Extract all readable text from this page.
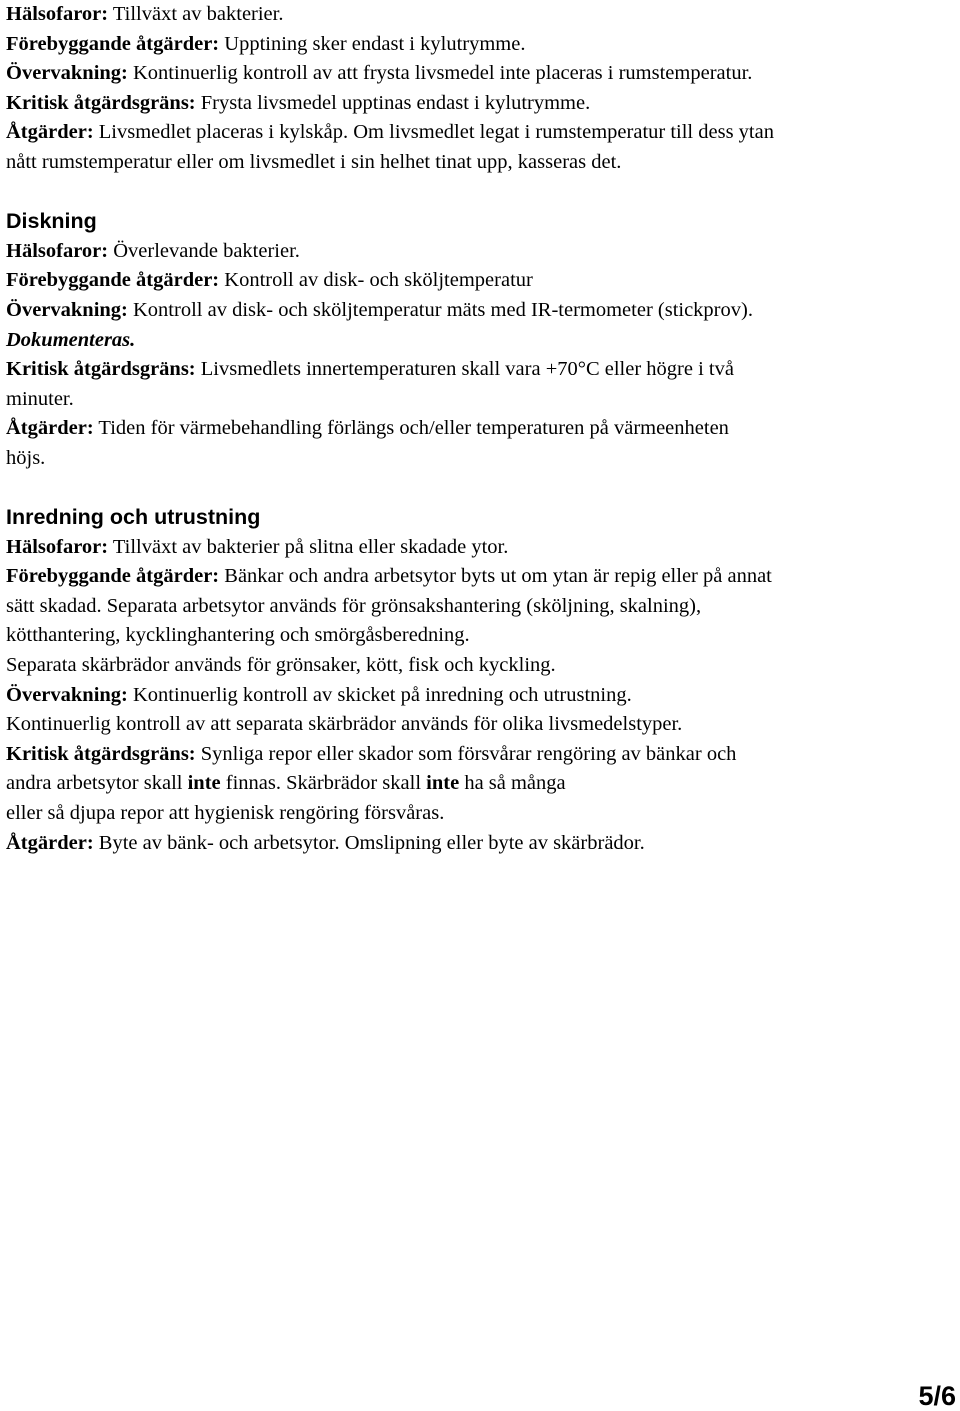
Hälsofaror: Tillväxt av bakterier.

Förebyggande åtgärder: Upptining sker endast i kylutrymme.

Övervakning: Kontinuerlig kontroll av att frysta livsmedel inte placeras i rumstemperatur.

Kritisk åtgärdsgräns: Frysta livsmedel upptinas endast i kylutrymme.

Åtgärder: Livsmedlet placeras i kylskåp. Om livsmedlet legat i rumstemperatur till dess ytan

nått rumstemperatur eller om livsmedlet i sin helhet tinat upp, kasseras det.

Diskning

Hälsofaror: Överlevande bakterier.

Förebyggande åtgärder: Kontroll av disk- och sköljtemperatur

Övervakning: Kontroll av disk- och sköljtemperatur mäts med IR-termometer (stickprov).

Dokumenteras.

Kritisk åtgärdsgräns: Livsmedlets innertemperaturen skall vara +70°C eller högre i två

minuter.

Åtgärder: Tiden för värmebehandling förlängs och/eller temperaturen på värmeenheten

höjs.

Inredning och utrustning

Hälsofaror: Tillväxt av bakterier på slitna eller skadade ytor.

Förebyggande åtgärder: Bänkar och andra arbetsytor byts ut om ytan är repig eller på annat

sätt skadad. Separata arbetsytor används för grönsakshantering (sköljning, skalning),

kötthantering, kycklinghantering och smörgåsberedning.

Separata skärbrädor används för grönsaker, kött, fisk och kyckling.

Övervakning: Kontinuerlig kontroll av skicket på inredning och utrustning.

Kontinuerlig kontroll av att separata skärbrädor används för olika livsmedelstyper.

Kritisk åtgärdsgräns: Synliga repor eller skador som försvårar rengöring av bänkar och

andra arbetsytor skall inte finnas. Skärbrädor skall inte ha så många

eller så djupa repor att hygienisk rengöring försvåras.

Åtgärder: Byte av bänk- och arbetsytor. Omslipning eller byte av skärbrädor.

5/6
